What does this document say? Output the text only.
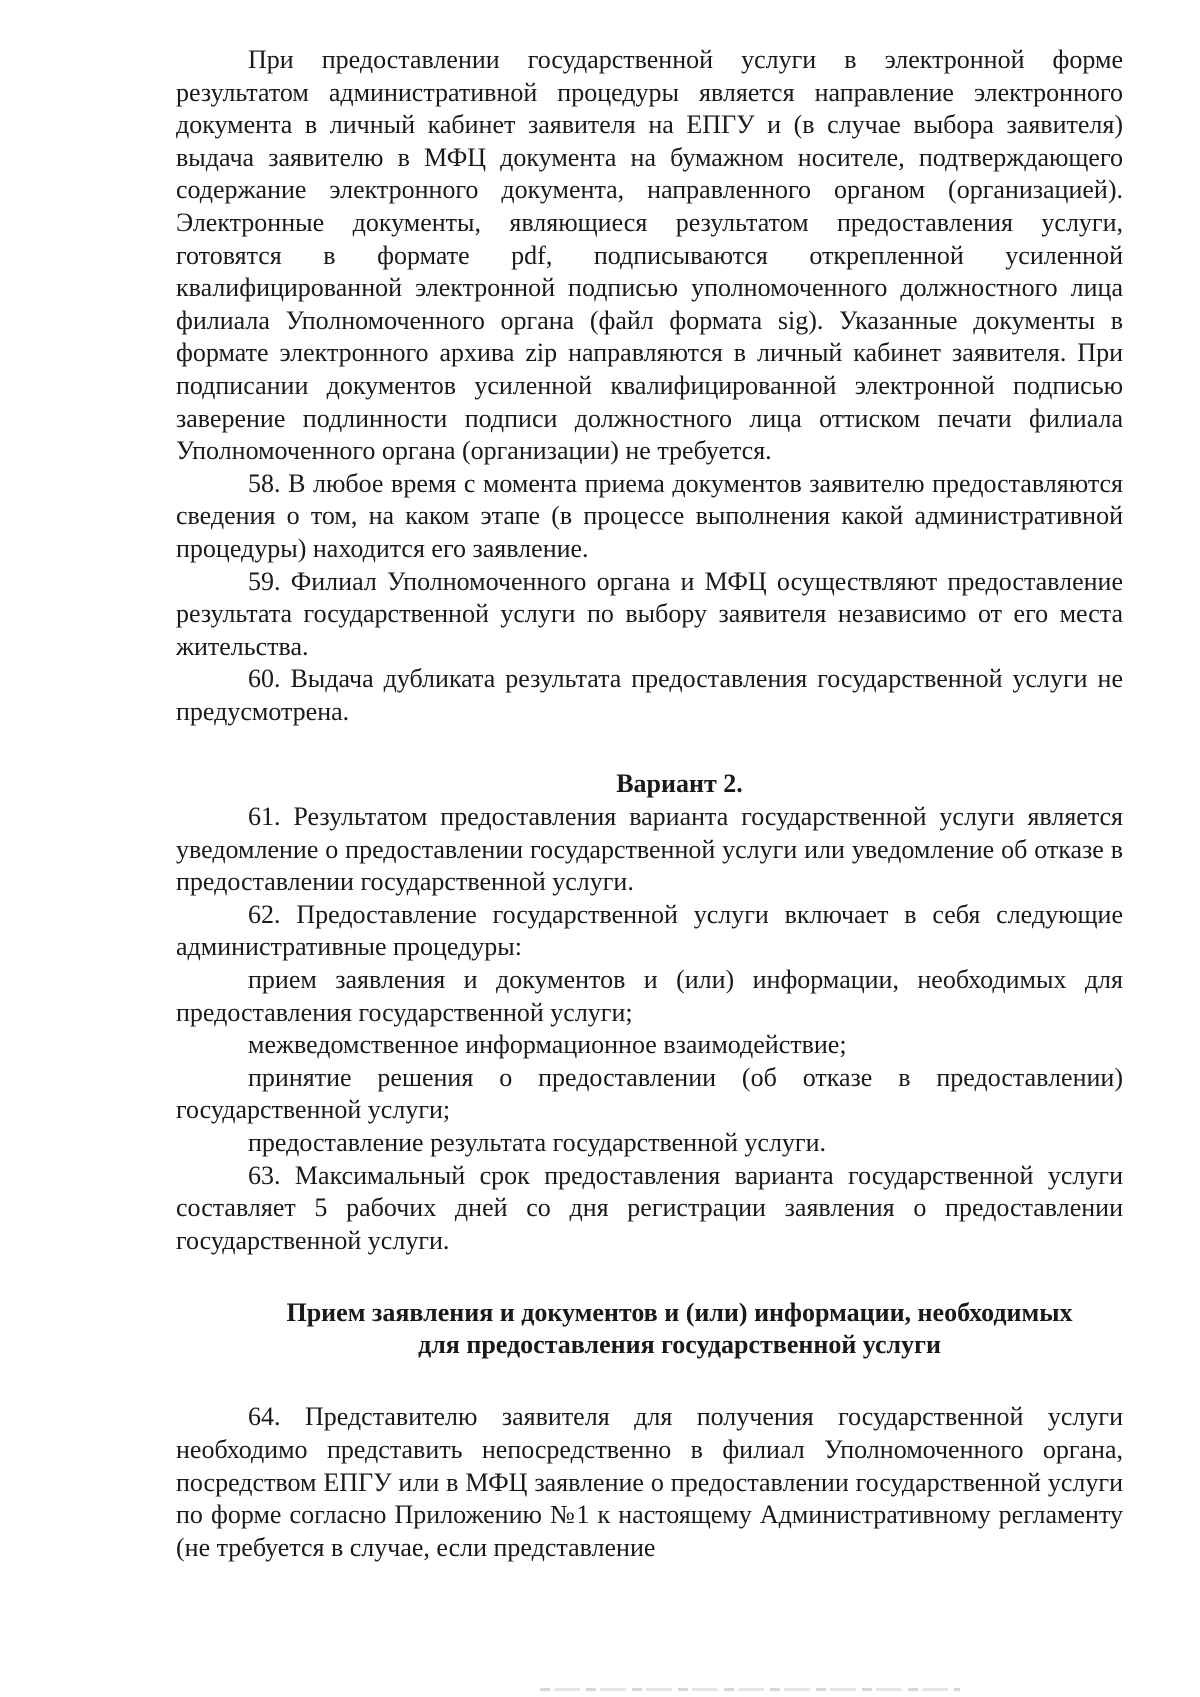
При предоставлении государственной услуги в электронной форме результатом административной процедуры является направление электронного документа в личный кабинет заявителя на ЕПГУ и (в случае выбора заявителя) выдача заявителю в МФЦ документа на бумажном носителе, подтверждающего содержание электронного документа, направленного органом (организацией). Электронные документы, являющиеся результатом предоставления услуги, готовятся в формате pdf, подписываются открепленной усиленной квалифицированной электронной подписью уполномоченного должностного лица филиала Уполномоченного органа (файл формата sig). Указанные документы в формате электронного архива zip направляются в личный кабинет заявителя. При подписании документов усиленной квалифицированной электронной подписью заверение подлинности подписи должностного лица оттиском печати филиала Уполномоченного органа (организации) не требуется.

58. В любое время с момента приема документов заявителю предоставляются сведения о том, на каком этапе (в процессе выполнения какой административной процедуры) находится его заявление.

59. Филиал Уполномоченного органа и МФЦ осуществляют предоставление результата государственной услуги по выбору заявителя независимо от его места жительства.

60. Выдача дубликата результата предоставления государственной услуги не предусмотрена.

Вариант 2.

61. Результатом предоставления варианта государственной услуги является уведомление о предоставлении государственной услуги или уведомление об отказе в предоставлении государственной услуги.

62. Предоставление государственной услуги включает в себя следующие административные процедуры:

прием заявления и документов и (или) информации, необходимых для предоставления государственной услуги;

межведомственное информационное взаимодействие;

принятие решения о предоставлении (об отказе в предоставлении) государственной услуги;

предоставление результата государственной услуги.

63. Максимальный срок предоставления варианта государственной услуги составляет 5 рабочих дней со дня регистрации заявления о предоставлении государственной услуги.

Прием заявления и документов и (или) информации, необходимых
для предоставления государственной услуги

64. Представителю заявителя для получения государственной услуги необходимо представить непосредственно в филиал Уполномоченного органа, посредством ЕПГУ или в МФЦ заявление о предоставлении государственной услуги по форме согласно Приложению №1 к настоящему Административному регламенту (не требуется в случае, если представление
